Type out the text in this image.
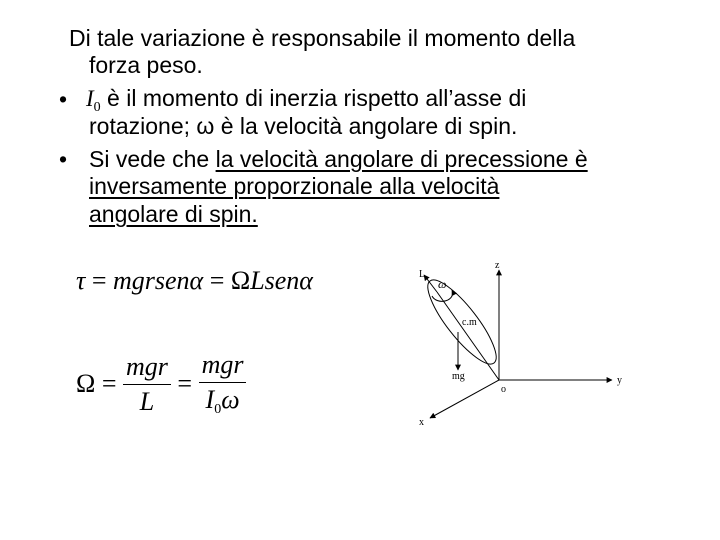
Di tale variazione è responsabile il momento della
forza peso.
• $I_0$ è il momento di inerzia rispetto all’asse di
rotazione; ω è la velocità angolare di spin.
• Si vede che la velocità angolare di precessione è
inversamente proporzionale alla velocità
angolare di spin.
τ = mgrsenα = ΩLsenα
$\Omega = \frac{\text{mgr}}{L} = \frac{\text{mgr}}{I_0\omega}$
z
y
x
o
L
ω
c.m
mg
